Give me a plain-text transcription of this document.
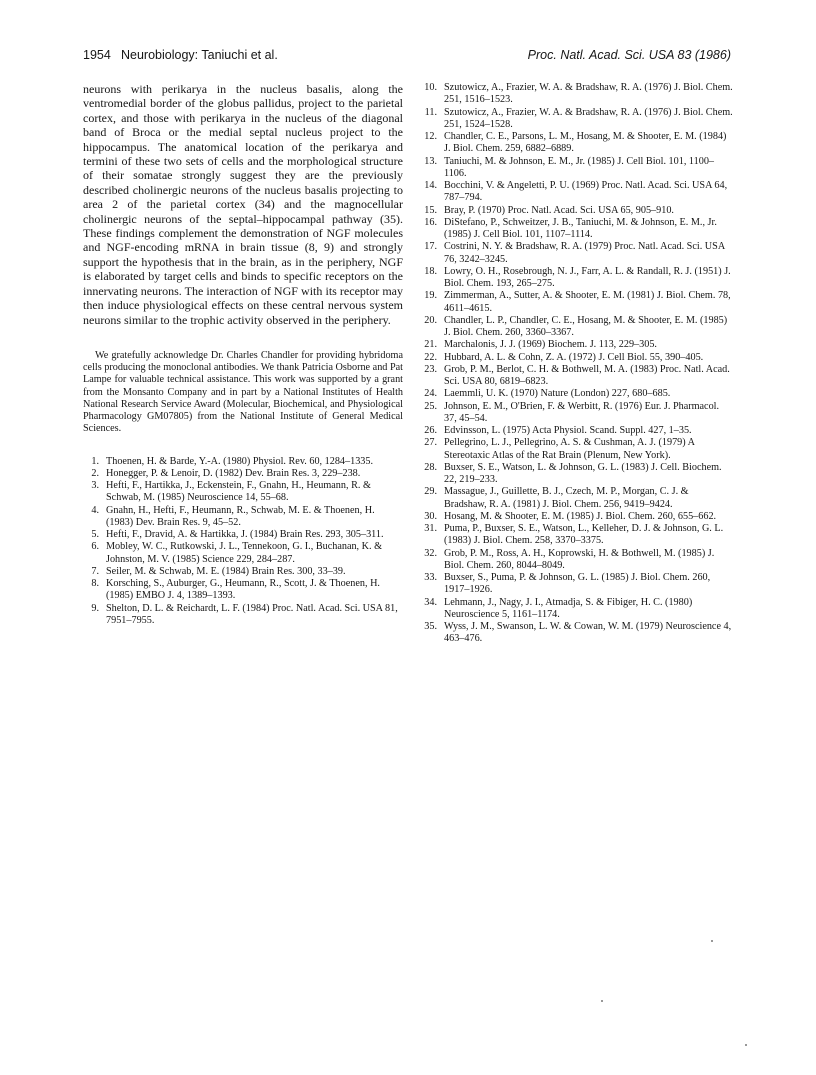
1954 Neurobiology: Taniuchi et al.	Proc. Natl. Acad. Sci. USA 83 (1986)

neurons with perikarya in the nucleus basalis, along the ventromedial border of the globus pallidus, project to the parietal cortex, and those with perikarya in the nucleus of the diagonal band of Broca or the medial septal nucleus project to the hippocampus. The anatomical location of the perikarya and termini of these two sets of cells and the morphological structure of their somatae strongly suggest they are the previously described cholinergic neurons of the nucleus basalis projecting to area 2 of the parietal cortex (34) and the magnocellular cholinergic neurons of the septal–hippocampal pathway (35). These findings complement the demonstration of NGF molecules and NGF-encoding mRNA in brain tissue (8, 9) and strongly support the hypothesis that in the brain, as in the periphery, NGF is elaborated by target cells and binds to specific receptors on the innervating neurons. The interaction of NGF with its receptor may then induce physiological effects on these central nervous system neurons similar to the trophic activity observed in the periphery.

We gratefully acknowledge Dr. Charles Chandler for providing hybridoma cells producing the monoclonal antibodies. We thank Patricia Osborne and Pat Lampe for valuable technical assistance. This work was supported by a grant from the Monsanto Company and in part by a National Institutes of Health National Research Service Award (Molecular, Biochemical, and Physiological Pharmacology GM07805) from the National Institute of General Medical Sciences.

1. Thoenen, H. & Barde, Y.-A. (1980) Physiol. Rev. 60, 1284–1335.
2. Honegger, P. & Lenoir, D. (1982) Dev. Brain Res. 3, 229–238.
3. Hefti, F., Hartikka, J., Eckenstein, F., Gnahn, H., Heumann, R. & Schwab, M. (1985) Neuroscience 14, 55–68.
4. Gnahn, H., Hefti, F., Heumann, R., Schwab, M. E. & Thoenen, H. (1983) Dev. Brain Res. 9, 45–52.
5. Hefti, F., Dravid, A. & Hartikka, J. (1984) Brain Res. 293, 305–311.
6. Mobley, W. C., Rutkowski, J. L., Tennekoon, G. I., Buchanan, K. & Johnston, M. V. (1985) Science 229, 284–287.
7. Seiler, M. & Schwab, M. E. (1984) Brain Res. 300, 33–39.
8. Korsching, S., Auburger, G., Heumann, R., Scott, J. & Thoenen, H. (1985) EMBO J. 4, 1389–1393.
9. Shelton, D. L. & Reichardt, L. F. (1984) Proc. Natl. Acad. Sci. USA 81, 7951–7955.
10. Szutowicz, A., Frazier, W. A. & Bradshaw, R. A. (1976) J. Biol. Chem. 251, 1516–1523.
11. Szutowicz, A., Frazier, W. A. & Bradshaw, R. A. (1976) J. Biol. Chem. 251, 1524–1528.
12. Chandler, C. E., Parsons, L. M., Hosang, M. & Shooter, E. M. (1984) J. Biol. Chem. 259, 6882–6889.
13. Taniuchi, M. & Johnson, E. M., Jr. (1985) J. Cell Biol. 101, 1100–1106.
14. Bocchini, V. & Angeletti, P. U. (1969) Proc. Natl. Acad. Sci. USA 64, 787–794.
15. Bray, P. (1970) Proc. Natl. Acad. Sci. USA 65, 905–910.
16. DiStefano, P., Schweitzer, J. B., Taniuchi, M. & Johnson, E. M., Jr. (1985) J. Cell Biol. 101, 1107–1114.
17. Costrini, N. Y. & Bradshaw, R. A. (1979) Proc. Natl. Acad. Sci. USA 76, 3242–3245.
18. Lowry, O. H., Rosebrough, N. J., Farr, A. L. & Randall, R. J. (1951) J. Biol. Chem. 193, 265–275.
19. Zimmerman, A., Sutter, A. & Shooter, E. M. (1981) J. Biol. Chem. 78, 4611–4615.
20. Chandler, L. P., Chandler, C. E., Hosang, M. & Shooter, E. M. (1985) J. Biol. Chem. 260, 3360–3367.
21. Marchalonis, J. J. (1969) Biochem. J. 113, 229–305.
22. Hubbard, A. L. & Cohn, Z. A. (1972) J. Cell Biol. 55, 390–405.
23. Grob, P. M., Berlot, C. H. & Bothwell, M. A. (1983) Proc. Natl. Acad. Sci. USA 80, 6819–6823.
24. Laemmli, U. K. (1970) Nature (London) 227, 680–685.
25. Johnson, E. M., O'Brien, F. & Werbitt, R. (1976) Eur. J. Pharmacol. 37, 45–54.
26. Edvinsson, L. (1975) Acta Physiol. Scand. Suppl. 427, 1–35.
27. Pellegrino, L. J., Pellegrino, A. S. & Cushman, A. J. (1979) A Stereotaxic Atlas of the Rat Brain (Plenum, New York).
28. Buxser, S. E., Watson, L. & Johnson, G. L. (1983) J. Cell. Biochem. 22, 219–233.
29. Massague, J., Guillette, B. J., Czech, M. P., Morgan, C. J. & Bradshaw, R. A. (1981) J. Biol. Chem. 256, 9419–9424.
30. Hosang, M. & Shooter, E. M. (1985) J. Biol. Chem. 260, 655–662.
31. Puma, P., Buxser, S. E., Watson, L., Kelleher, D. J. & Johnson, G. L. (1983) J. Biol. Chem. 258, 3370–3375.
32. Grob, P. M., Ross, A. H., Koprowski, H. & Bothwell, M. (1985) J. Biol. Chem. 260, 8044–8049.
33. Buxser, S., Puma, P. & Johnson, G. L. (1985) J. Biol. Chem. 260, 1917–1926.
34. Lehmann, J., Nagy, J. I., Atmadja, S. & Fibiger, H. C. (1980) Neuroscience 5, 1161–1174.
35. Wyss, J. M., Swanson, L. W. & Cowan, W. M. (1979) Neuroscience 4, 463–476.
